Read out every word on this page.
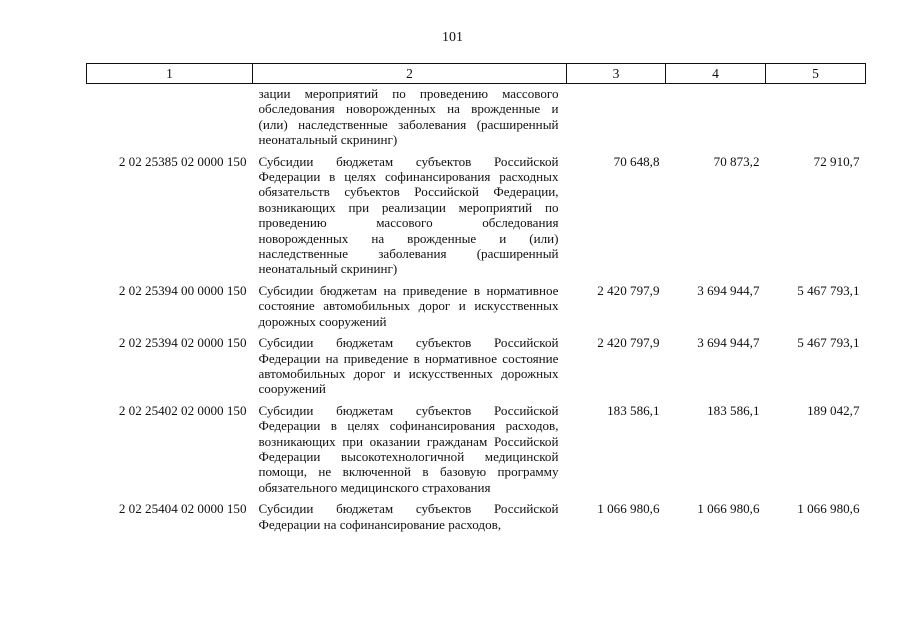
101
1	2	3	4	5
	зации мероприятий по проведению массового обследования новорожденных на врожденные и (или) наследственные заболевания (расширенный неонатальный скрининг)			
2 02 25385 02 0000 150	Субсидии бюджетам субъектов Российской Федерации в целях софинансирования расходных обязательств субъектов Российской Федерации, возникающих при реализации мероприятий по проведению массового обследования новорожденных на врожденные и (или) наследственные заболевания (расширенный неонатальный скрининг)	70 648,8	70 873,2	72 910,7
2 02 25394 00 0000 150	Субсидии бюджетам на приведение в нормативное состояние автомобильных дорог и искусственных дорожных сооружений	2 420 797,9	3 694 944,7	5 467 793,1
2 02 25394 02 0000 150	Субсидии бюджетам субъектов Российской Федерации на приведение в нормативное состояние автомобильных дорог и искусственных дорожных сооружений	2 420 797,9	3 694 944,7	5 467 793,1
2 02 25402 02 0000 150	Субсидии бюджетам субъектов Российской Федерации в целях софинансирования расходов, возникающих при оказании гражданам Российской Федерации высокотехнологичной медицинской помощи, не включенной в базовую программу обязательного медицинского страхования	183 586,1	183 586,1	189 042,7
2 02 25404 02 0000 150	Субсидии бюджетам субъектов Российской Федерации на софинансирование расходов,	1 066 980,6	1 066 980,6	1 066 980,6
